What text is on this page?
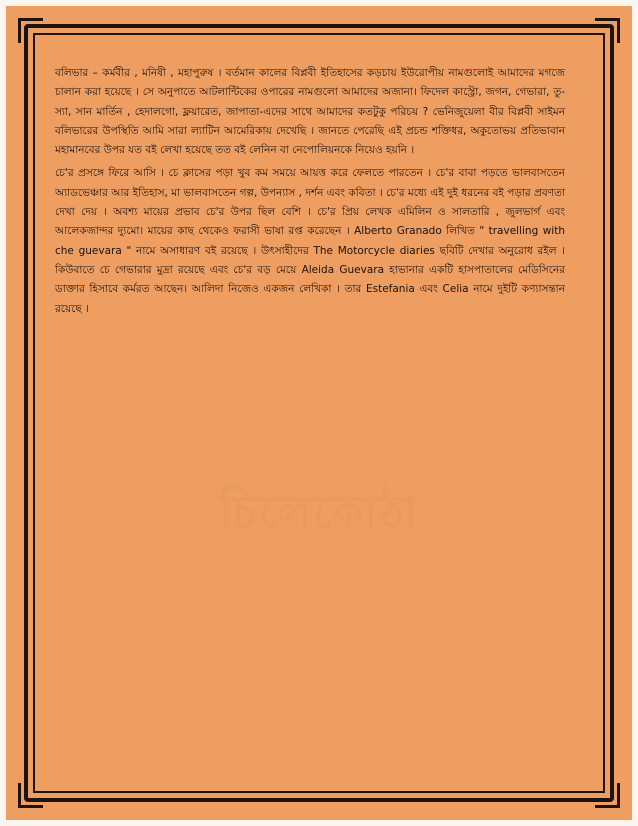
চিলেকোঠা

বলিভার – কর্মবীর , মনিষী , মহাপুরুষ । বর্তমান কালের বিপ্লবী ইতিহাসের কড়চায় ইউরোপীয় নামগুলোই আমাদের মগজে চালান করা হয়েছে । সে অনুপাতে আটলান্টিকের ওপারের নামগুলো আমাদের অজানা। ফিদেল কাস্ট্রো, জগন, গেভারা, তু-স্যা, সান মার্তিন , হেদালগো, ফ্লয়ারেত, জাপাতা-এদের সাথে আমাদের কতটুকু পরিচয় ? ভেনিজুয়েলা বীর বিপ্লবী সাইমন বলিভারের উপস্থিতি আমি সারা ল্যাটিন আমেরিকায় দেখেছি । জানতে পেরেছি এই প্রচন্ড শক্তিধর, অকুতোভয় প্রতিভাবান মহামানবের উপর যত বই লেখা হয়েছে তত বই লেনিন বা নেপোলিয়নকে নিয়েও হয়নি ।

চে'র প্রসঙ্গে ফিরে আসি । চে ক্লাসের পড়া খুব কম সময়ে আয়ত্ত করে ফেলতে পারতেন । চে'র বাবা পড়তে ভালবাসতেন অ্যাডভেঞ্চার আর ইতিহাস, মা ভালবাসতেন গল্প, উপন্যাস , দর্শন এবং কবিতা । চে'র মধ্যে এই দুই ধরনের বই পড়ার প্রবণতা দেখা দেয় । অবশ্য মায়ের প্রভাব চে'র উপর ছিল বেশি । চে'র প্রিয় লেখক এমিলিন ও সালতারি , জুলভার্গ এবং আলেকজান্দর দ্যুমো। মায়ের কাছ থেকেও ফরাসী ভাষা রপ্ত করেছেন । Alberto Granado লিখিত " travelling with che guevara " নামে অসাধারণ বই রয়েছে । উৎসাহীদের The Motorcycle diaries ছবিটি দেখার অনুরোধ রইল । কিউবাতে চে গেভারার মুদ্রা রয়েছে এবং চে'র বড় মেয়ে Aleida Guevara হাভানার একটি হাসপাতালের মেডিসিনের ডাক্তার হিসাবে কর্মরত আছেন। আলিদা নিজেও একজন লেখিকা । তার Estefania এবং Celia নামে দুইটি কণ্যাসন্তান রয়েছে ।
